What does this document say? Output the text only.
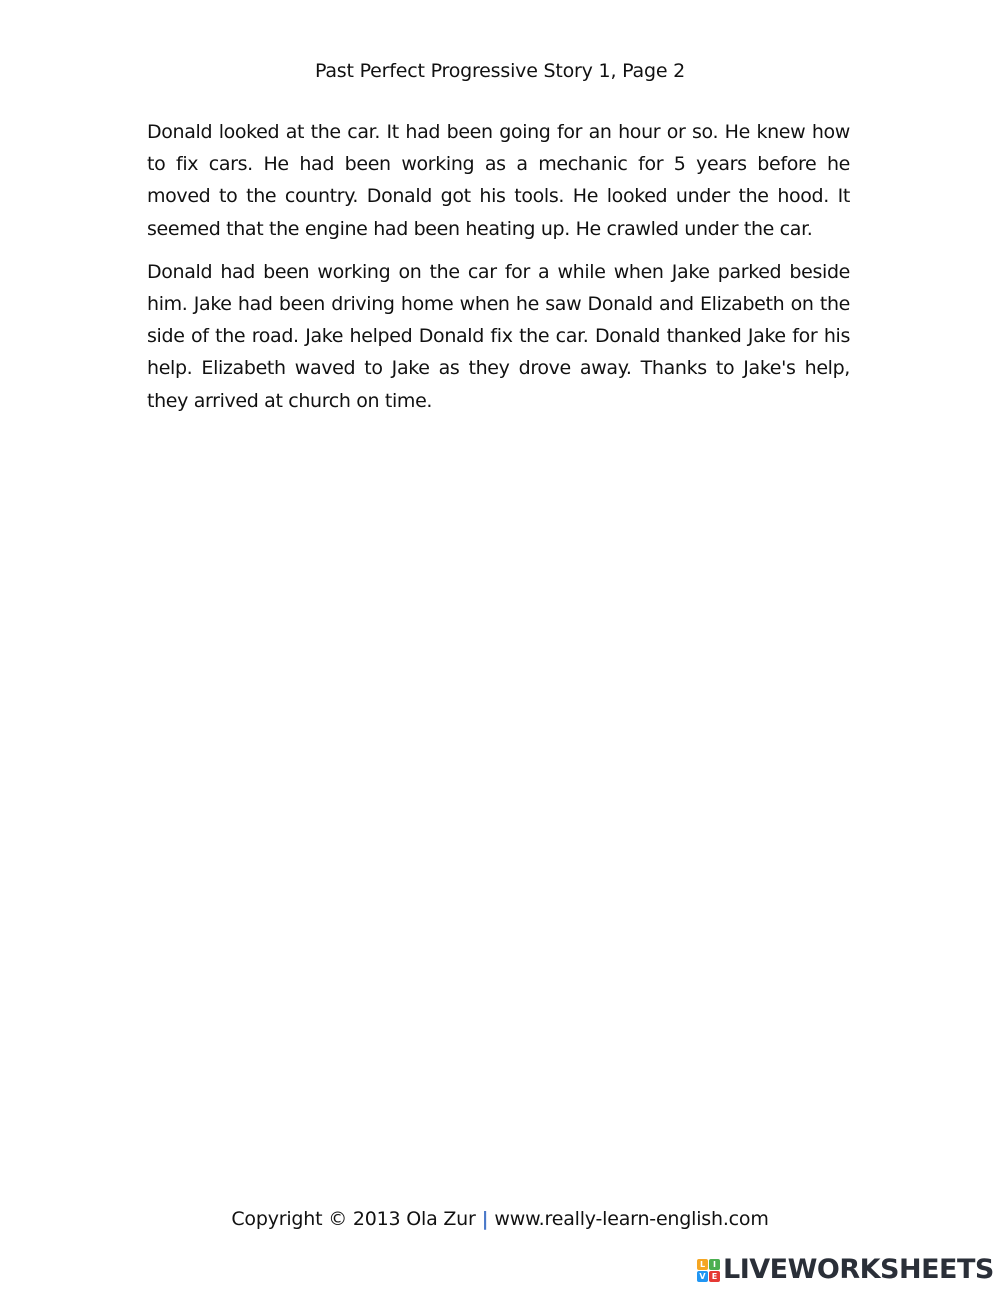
Past Perfect Progressive Story 1, Page 2

Donald looked at the car. It had been going for an hour or so. He knew how to fix cars. He had been working as a mechanic for 5 years before he moved to the country. Donald got his tools. He looked under the hood. It seemed that the engine had been heating up. He crawled under the car.

Donald had been working on the car for a while when Jake parked beside him. Jake had been driving home when he saw Donald and Elizabeth on the side of the road. Jake helped Donald fix the car. Donald thanked Jake for his help. Elizabeth waved to Jake as they drove away. Thanks to Jake's help, they arrived at church on time.

Copyright © 2013 Ola Zur | www.really-learn-english.com
L I
V E LIVEWORKSHEETS
